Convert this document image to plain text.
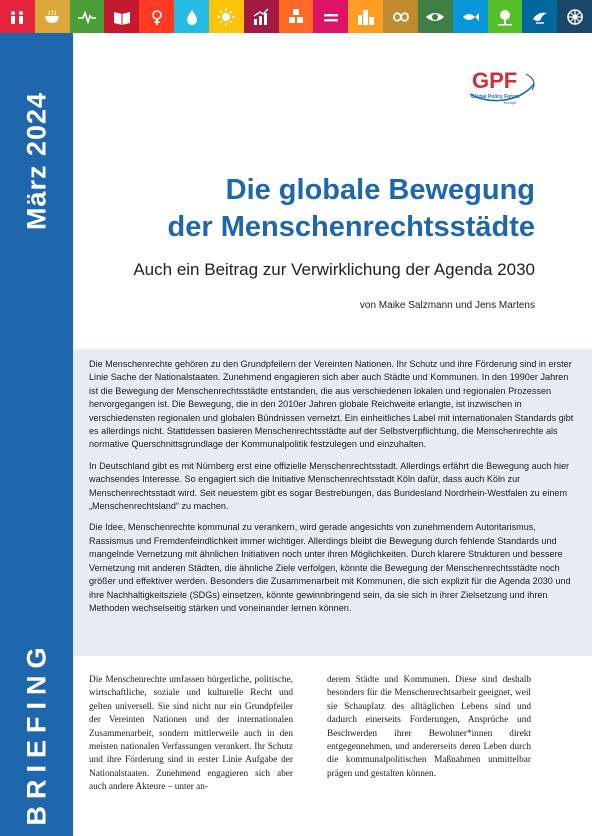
März 2024
BRIEFING
GPF
Global Policy Forum
europe
Die globale Bewegung
der Menschenrechtsstädte
Auch ein Beitrag zur Verwirklichung der Agenda 2030
von Maike Salzmann und Jens Martens

Die Menschenrechte gehören zu den Grundpfeilern der Vereinten Nationen. Ihr Schutz und ihre Förderung sind in erster Linie Sache der Nationalstaaten. Zunehmend engagieren sich aber auch Städte und Kommunen. In den 1990er Jahren ist die Bewegung der Menschenrechtsstädte entstanden, die aus verschiedenen lokalen und regionalen Prozessen hervorgegangen ist. Die Bewegung, die in den 2010er Jahren globale Reichweite erlangte, ist inzwischen in verschiedensten regionalen und globalen Bündnissen vernetzt. Ein einheitliches Label mit internationalen Standards gibt es allerdings nicht. Stattdessen basieren Menschenrechtsstädte auf der Selbstverpflichtung, die Menschenrechte als normative Querschnittsgrundlage der Kommunalpolitik festzulegen und einzuhalten.

In Deutschland gibt es mit Nürnberg erst eine offizielle Menschenrechtsstadt. Allerdings erfährt die Bewegung auch hier wachsendes Interesse. So engagiert sich die Initiative Menschenrechtsstadt Köln dafür, dass auch Köln zur Menschenrechtsstadt wird. Seit neuestem gibt es sogar Bestrebungen, das Bundesland Nordrhein-Westfalen zu einem „Menschenrechtsland“ zu machen.

Die Idee, Menschenrechte kommunal zu verankern, wird gerade angesichts von zunehmendem Autoritarismus, Rassismus und Fremdenfeindlichkeit immer wichtiger. Allerdings bleibt die Bewegung durch fehlende Standards und mangelnde Vernetzung mit ähnlichen Initiativen noch unter ihren Möglichkeiten. Durch klarere Strukturen und bessere Vernetzung mit anderen Städten, die ähnliche Ziele verfolgen, könnte die Bewegung der Menschenrechtsstädte noch größer und effektiver werden. Besonders die Zusammenarbeit mit Kommunen, die sich explizit für die Agenda 2030 und ihre Nachhaltigkeitsziele (SDGs) einsetzen, könnte gewinnbringend sein, da sie sich in ihrer Zielsetzung und ihren Methoden wechselseitig stärken und voneinander lernen können.

Die Menschenrechte umfassen bürgerliche, politische, wirtschaftliche, soziale und kulturelle Recht und gelten universell. Sie sind nicht nur ein Grundpfeiler der Vereinten Nationen und der internationalen Zusammenarbeit, sondern mittlerweile auch in den meisten nationalen Verfassungen verankert. Ihr Schutz und ihre Förderung sind in erster Linie Aufgabe der Nationalstaaten. Zunehmend engagieren sich aber auch andere Akteure – unter an-
derem Städte und Kommunen. Diese sind deshalb besonders für die Menschenrechtsarbeit geeignet, weil sie Schauplatz des alltäglichen Lebens sind und dadurch einerseits Forderungen, Ansprüche und Beschwerden ihrer Bewohner*innen direkt entgegennehmen, und andererseits deren Leben durch die kommunalpolitischen Maßnahmen unmittelbar prägen und gestalten können.
